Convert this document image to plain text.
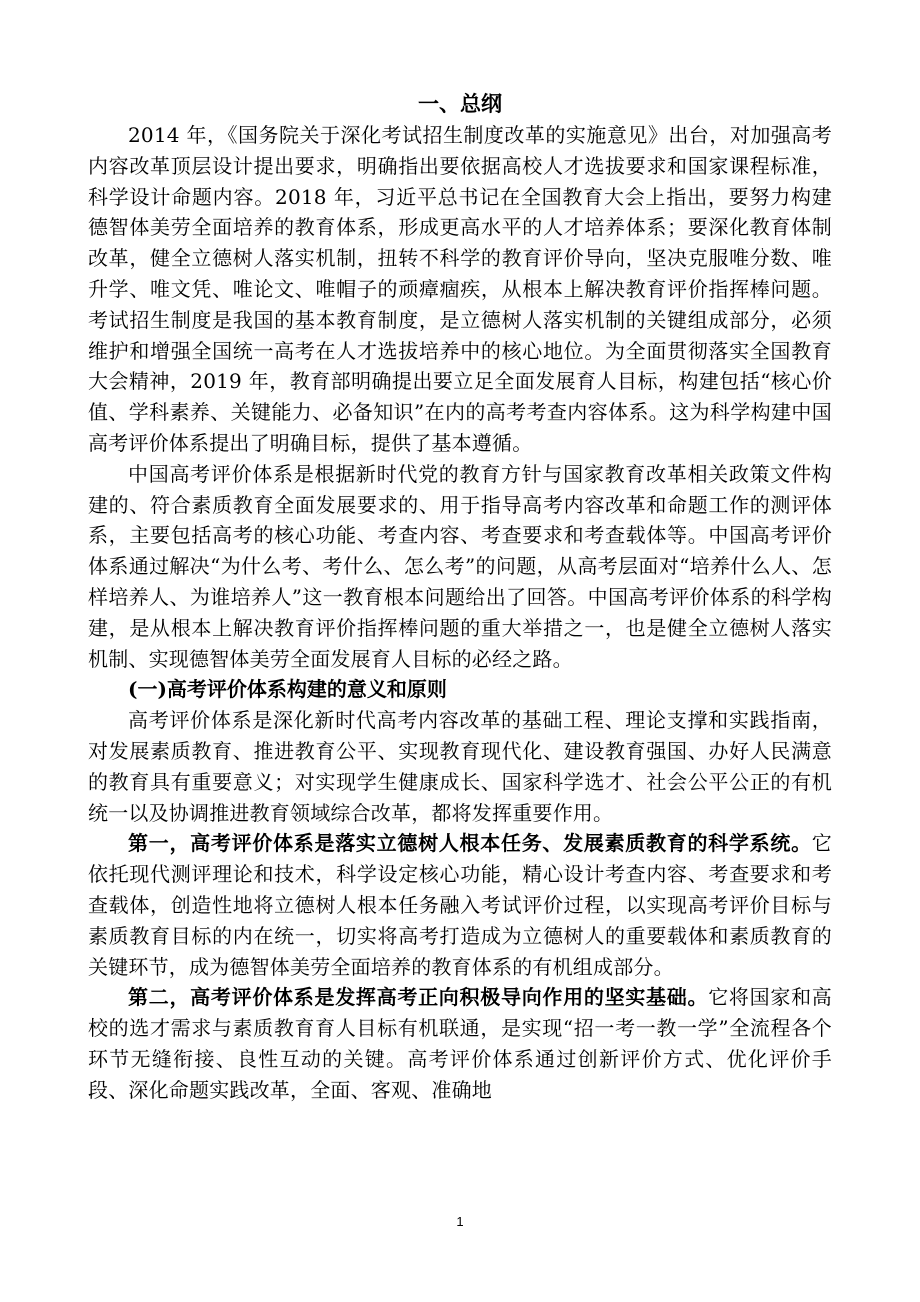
一、总纲

2014 年，《国务院关于深化考试招生制度改革的实施意见》出台，对加强高考内容改革顶层设计提出要求，明确指出要依据高校人才选拔要求和国家课程标准，科学设计命题内容。2018 年，习近平总书记在全国教育大会上指出，要努力构建德智体美劳全面培养的教育体系，形成更高水平的人才培养体系；要深化教育体制改革，健全立德树人落实机制，扭转不科学的教育评价导向，坚决克服唯分数、唯升学、唯文凭、唯论文、唯帽子的顽瘴痼疾，从根本上解决教育评价指挥棒问题。考试招生制度是我国的基本教育制度，是立德树人落实机制的关键组成部分，必须维护和增强全国统一高考在人才选拔培养中的核心地位。为全面贯彻落实全国教育大会精神，2019 年，教育部明确提出要立足全面发展育人目标，构建包括“核心价值、学科素养、关键能力、必备知识”在内的高考考查内容体系。这为科学构建中国高考评价体系提出了明确目标，提供了基本遵循。

中国高考评价体系是根据新时代党的教育方针与国家教育改革相关政策文件构建的、符合素质教育全面发展要求的、用于指导高考内容改革和命题工作的测评体系，主要包括高考的核心功能、考查内容、考查要求和考查载体等。中国高考评价体系通过解决“为什么考、考什么、怎么考”的问题，从高考层面对“培养什么人、怎样培养人、为谁培养人”这一教育根本问题给出了回答。中国高考评价体系的科学构建，是从根本上解决教育评价指挥棒问题的重大举措之一，也是健全立德树人落实机制、实现德智体美劳全面发展育人目标的必经之路。

(一)高考评价体系构建的意义和原则

高考评价体系是深化新时代高考内容改革的基础工程、理论支撑和实践指南，对发展素质教育、推进教育公平、实现教育现代化、建设教育强国、办好人民满意的教育具有重要意义；对实现学生健康成长、国家科学选才、社会公平公正的有机统一以及协调推进教育领域综合改革，都将发挥重要作用。

第一，高考评价体系是落实立德树人根本任务、发展素质教育的科学系统。它依托现代测评理论和技术，科学设定核心功能，精心设计考查内容、考查要求和考查载体，创造性地将立德树人根本任务融入考试评价过程，以实现高考评价目标与素质教育目标的内在统一，切实将高考打造成为立德树人的重要载体和素质教育的关键环节，成为德智体美劳全面培养的教育体系的有机组成部分。

第二，高考评价体系是发挥高考正向积极导向作用的坚实基础。它将国家和高校的选才需求与素质教育育人目标有机联通，是实现“招一考一教一学”全流程各个环节无缝衔接、良性互动的关键。高考评价体系通过创新评价方式、优化评价手段、深化命题实践改革，全面、客观、准确地

1
